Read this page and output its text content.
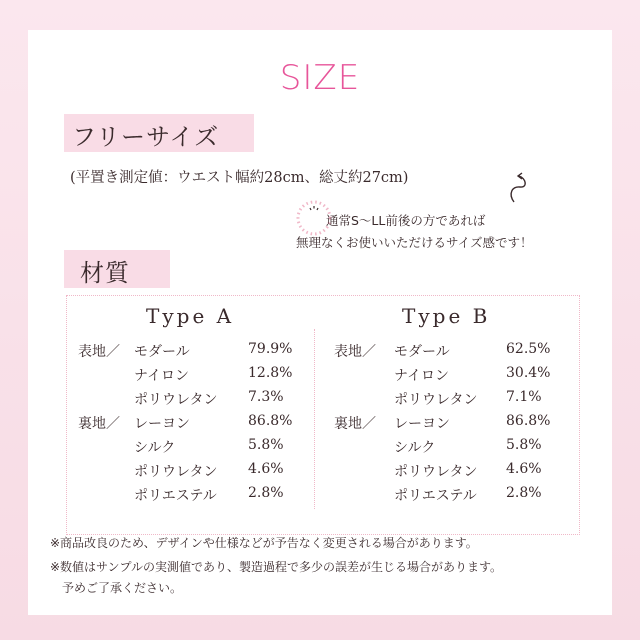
SIZE
フリーサイズ
(平置き測定値：ウエスト幅約28cm、総丈約27cm)
通常S～LL前後の方であれば
無理なくお使いいただけるサイズ感です！
材質
Type A	Type B
表地／ モダール	79.9%
ナイロン	12.8%
ポリウレタン 7.3%
裏地／ レーヨン	86.8%
シルク	5.8%
ポリウレタン 4.6%
ポリエステル 2.8%
表地／ モダール	62.5%
ナイロン	30.4%
ポリウレタン 7.1%
裏地／ レーヨン	86.8%
シルク	5.8%
ポリウレタン 4.6%
ポリエステル 2.8%
※商品改良のため、デザインや仕様などが予告なく変更される場合があります。
※数値はサンプルの実測値であり、製造過程で多少の誤差が生じる場合があります。
予めご了承ください。
